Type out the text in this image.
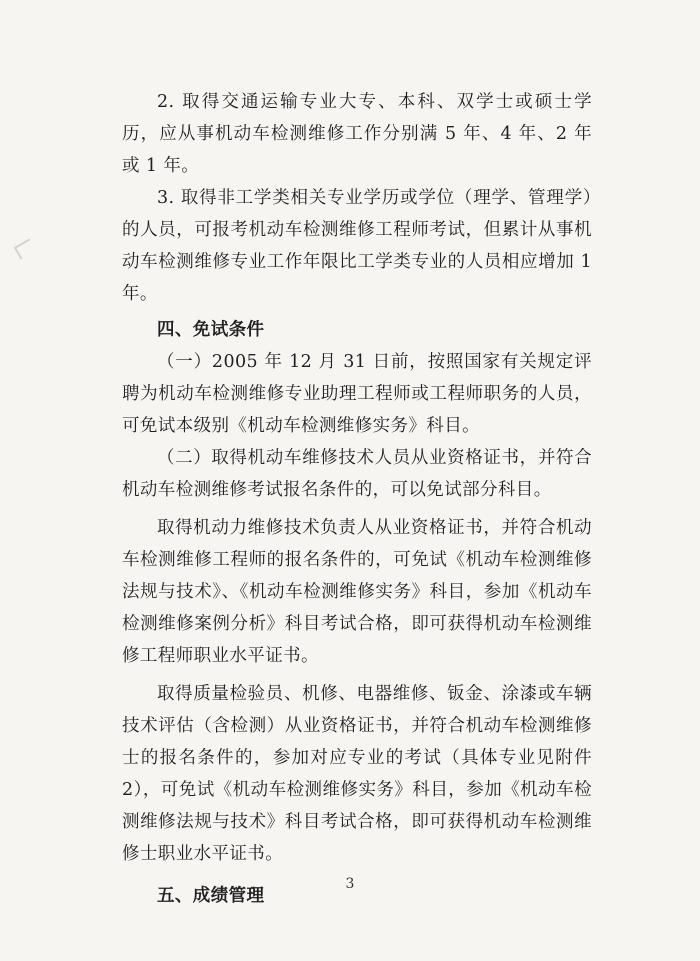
2. 取得交通运输专业大专、本科、双学士或硕士学历，应从事机动车检测维修工作分别满 5 年、4 年、2 年或 1 年。

3. 取得非工学类相关专业学历或学位（理学、管理学）的人员，可报考机动车检测维修工程师考试，但累计从事机动车检测维修专业工作年限比工学类专业的人员相应增加 1 年。

四、免试条件

（一）2005 年 12 月 31 日前，按照国家有关规定评聘为机动车检测维修专业助理工程师或工程师职务的人员，可免试本级别《机动车检测维修实务》科目。

（二）取得机动车维修技术人员从业资格证书，并符合机动车检测维修考试报名条件的，可以免试部分科目。

取得机动力维修技术负责人从业资格证书，并符合机动车检测维修工程师的报名条件的，可免试《机动车检测维修法规与技术》、《机动车检测维修实务》科目，参加《机动车检测维修案例分析》科目考试合格，即可获得机动车检测维修工程师职业水平证书。

取得质量检验员、机修、电器维修、钣金、涂漆或车辆技术评估（含检测）从业资格证书，并符合机动车检测维修士的报名条件的，参加对应专业的考试（具体专业见附件 2），可免试《机动车检测维修实务》科目，参加《机动车检测维修法规与技术》科目考试合格，即可获得机动车检测维修士职业水平证书。

五、成绩管理

3
